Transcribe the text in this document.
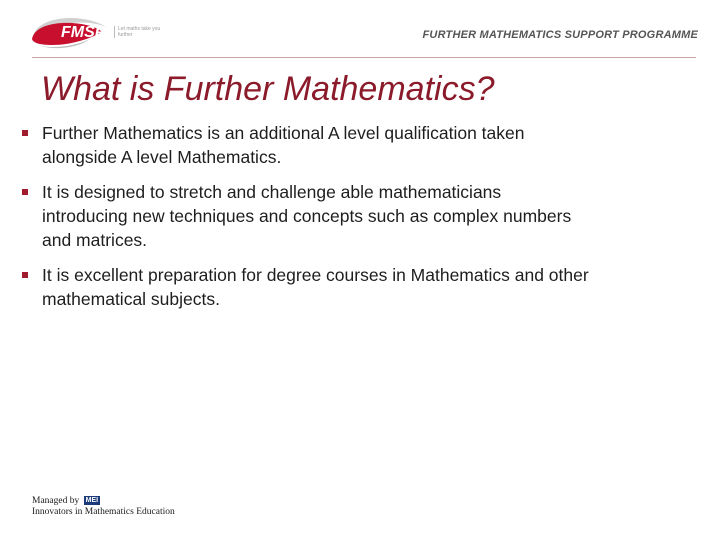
FMSP	Let maths take you further	FURTHER MATHEMATICS SUPPORT PROGRAMME
What is Further Mathematics?
Further Mathematics is an additional A level qualification taken
alongside A level Mathematics.
It is designed to stretch and challenge able mathematicians
introducing new techniques and concepts such as complex numbers
and matrices.
It is excellent preparation for degree courses in Mathematics and other
mathematical subjects.
Managed by MEI
Innovators in Mathematics Education
